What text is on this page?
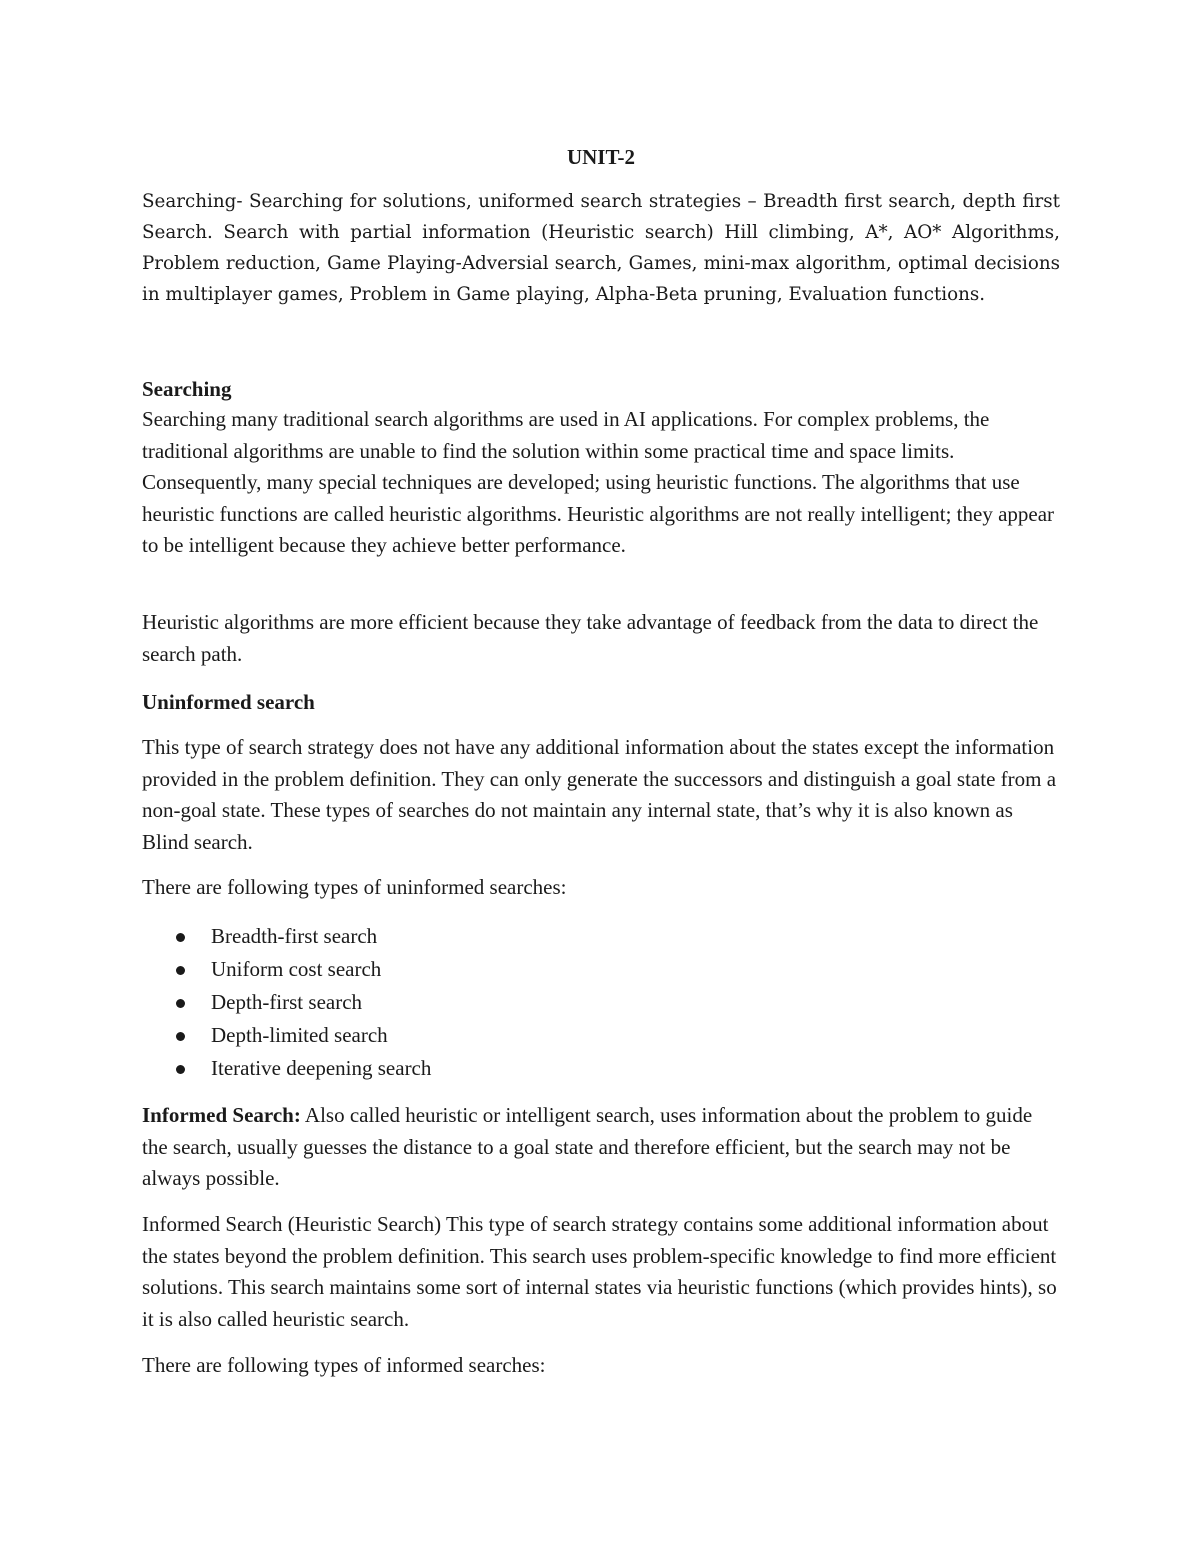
UNIT-2

Searching- Searching for solutions, uniformed search strategies – Breadth first search, depth first Search. Search with partial information (Heuristic search) Hill climbing, A*, AO* Algorithms, Problem reduction, Game Playing-Adversial search, Games, mini-max algorithm, optimal decisions in multiplayer games, Problem in Game playing, Alpha-Beta pruning, Evaluation functions.

Searching

Searching many traditional search algorithms are used in AI applications. For complex problems, the traditional algorithms are unable to find the solution within some practical time and space limits. Consequently, many special techniques are developed; using heuristic functions. The algorithms that use heuristic functions are called heuristic algorithms. Heuristic algorithms are not really intelligent; they appear to be intelligent because they achieve better performance.

Heuristic algorithms are more efficient because they take advantage of feedback from the data to direct the search path.

Uninformed search

This type of search strategy does not have any additional information about the states except the information provided in the problem definition. They can only generate the successors and distinguish a goal state from a non-goal state. These types of searches do not maintain any internal state, that’s why it is also known as Blind search.

There are following types of uninformed searches:

Breadth-first search
Uniform cost search
Depth-first search
Depth-limited search
Iterative deepening search

Informed Search: Also called heuristic or intelligent search, uses information about the problem to guide the search, usually guesses the distance to a goal state and therefore efficient, but the search may not be always possible.

Informed Search (Heuristic Search) This type of search strategy contains some additional information about the states beyond the problem definition. This search uses problem-specific knowledge to find more efficient solutions. This search maintains some sort of internal states via heuristic functions (which provides hints), so it is also called heuristic search.

There are following types of informed searches:
